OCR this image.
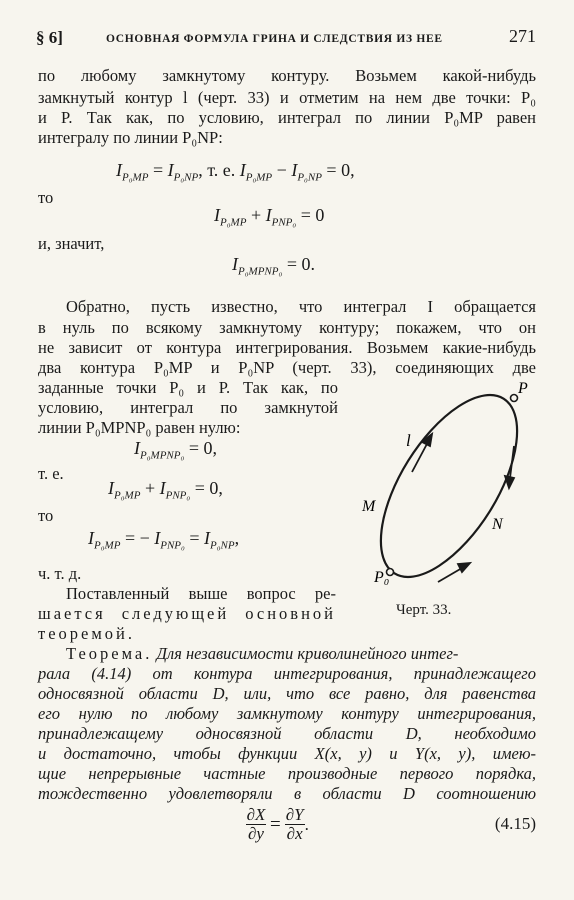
§ 6]	ОСНОВНАЯ ФОРМУЛА ГРИНА И СЛЕДСТВИЯ ИЗ НЕЕ	271
по любому замкнутому контуру. Возьмем какой-нибудь
замкнутый контур l (черт. 33) и отметим на нем две точки: P₀
и P. Так как, по условию, интеграл по линии P₀MP равен
интегралу по линии P₀NP:
$I_{P_0MP} = I_{P_0NP}$, т. е. $I_{P_0MP} - I_{P_0NP} = 0$,
то
$I_{P_0MP} + I_{PNP_0} = 0$
и, значит,
$I_{P_0MPNP_0} = 0$.
Обратно, пусть известно, что интеграл I обращается
в нуль по всякому замкнутому контуру; покажем, что он
не зависит от контура интегрирования. Возьмем какие-нибудь
два контура P₀MP и P₀NP (черт. 33), соединяющих две
заданные точки P₀ и P. Так как, по
условию, интеграл по замкнутой
линии P₀MPNP₀ равен нулю:
$I_{P_0MPNP_0} = 0$,
т. е.
$I_{P_0MP} + I_{PNP_0} = 0$,
то
$I_{P_0MP}$ = − $I_{PNP_0} = I_{P_0NP}$,
ч. т. д.
Поставленный выше вопрос ре-
шается следующей основной
теоремой.
P
P₀
l
M
N
Черт. 33.
Теорема. Для независимости криволинейного интег-
рала (4.14) от контура интегрирования, принадлежащего
односвязной области D, или, что все равно, для равенства
его нулю по любому замкнутому контуру интегрирования,
принадлежащему односвязной области D, необходимо
и достаточно, чтобы функции X(x, y) и Y(x, y), имею-
щие непрерывные частные производные первого порядка,
тождественно удовлетворяли в области D соотношению
$\frac{\partial X}{\partial y} = \frac{\partial Y}{\partial x}$ .	(4.15)
